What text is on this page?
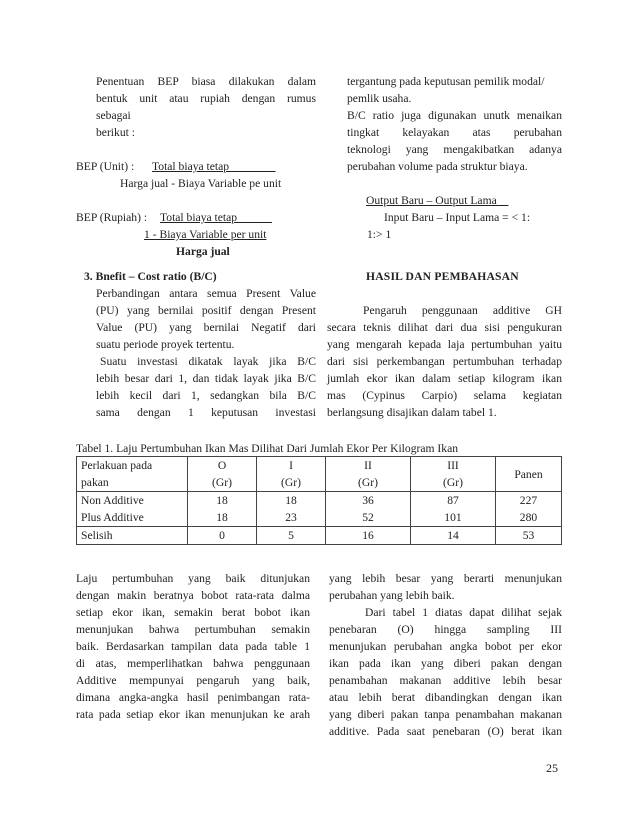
Penentuan BEP biasa dilakukan dalam

bentuk unit atau rupiah dengan rumus

sebagai

berikut :

BEP (Unit) : Total biaya tetap________
Harga jual - Biaya Variable pe unit
BEP (Rupiah) : Total biaya tetap______
1 - Biaya Variable per unit
Harga jual
3. Bnefit – Cost ratio (B/C)

Perbandingan antara semua Present Value

(PU) yang bernilai positif dengan Present

Value (PU) yang bernilai Negatif dari

suatu periode proyek tertentu.

Suatu investasi dikatak layak jika B/C

lebih besar dari 1, dan tidak layak jika B/C

lebih kecil dari 1, sedangkan bila B/C

sama dengan 1 keputusan investasi

tergantung pada keputusan pemilik modal/

pemlik usaha.

B/C ratio juga digunakan unutk menaikan

tingkat kelayakan atas perubahan

teknologi yang mengakibatkan adanya

perubahan volume pada struktur biaya.

Output Baru – Output Lama__
Input Baru – Input Lama = < 1:
1:> 1
HASIL DAN PEMBAHASAN

Pengaruh penggunaan additive GH

secara teknis dilihat dari dua sisi pengukuran

yang mengarah kepada laja pertumbuhan yaitu

dari sisi perkembangan pertumbuhan terhadap

jumlah ekor ikan dalam setiap kilogram ikan

mas (Cypinus Carpio) selama kegiatan

berlangsung disajikan dalam tabel 1.

Tabel 1. Laju Pertumbuhan Ikan Mas Dilihat Dari Jumlah Ekor Per Kilogram Ikan
Perlakuan pada	O	I	II	III	Panen
pakan	(Gr)	(Gr)	(Gr)	(Gr)	
Non Additive	18	18	36	87	227
Plus Additive	18	23	52	101	280
Selisih	0	5	16	14	53

Laju pertumbuhan yang baik ditunjukan

dengan makin beratnya bobot rata-rata dalma

setiap ekor ikan, semakin berat bobot ikan

menunjukan bahwa pertumbuhan semakin

baik. Berdasarkan tampilan data pada table 1

di atas, memperlihatkan bahwa penggunaan

Additive mempunyai pengaruh yang baik,

dimana angka-angka hasil penimbangan rata-

rata pada setiap ekor ikan menunjukan ke arah

yang lebih besar yang berarti menunjukan

perubahan yang lebih baik.

Dari tabel 1 diatas dapat dilihat sejak

penebaran (O) hingga sampling III

menunjukan perubahan angka bobot per ekor

ikan pada ikan yang diberi pakan dengan

penambahan makanan additive lebih besar

atau lebih berat dibandingkan dengan ikan

yang diberi pakan tanpa penambahan makanan

additive. Pada saat penebaran (O) berat ikan

25
